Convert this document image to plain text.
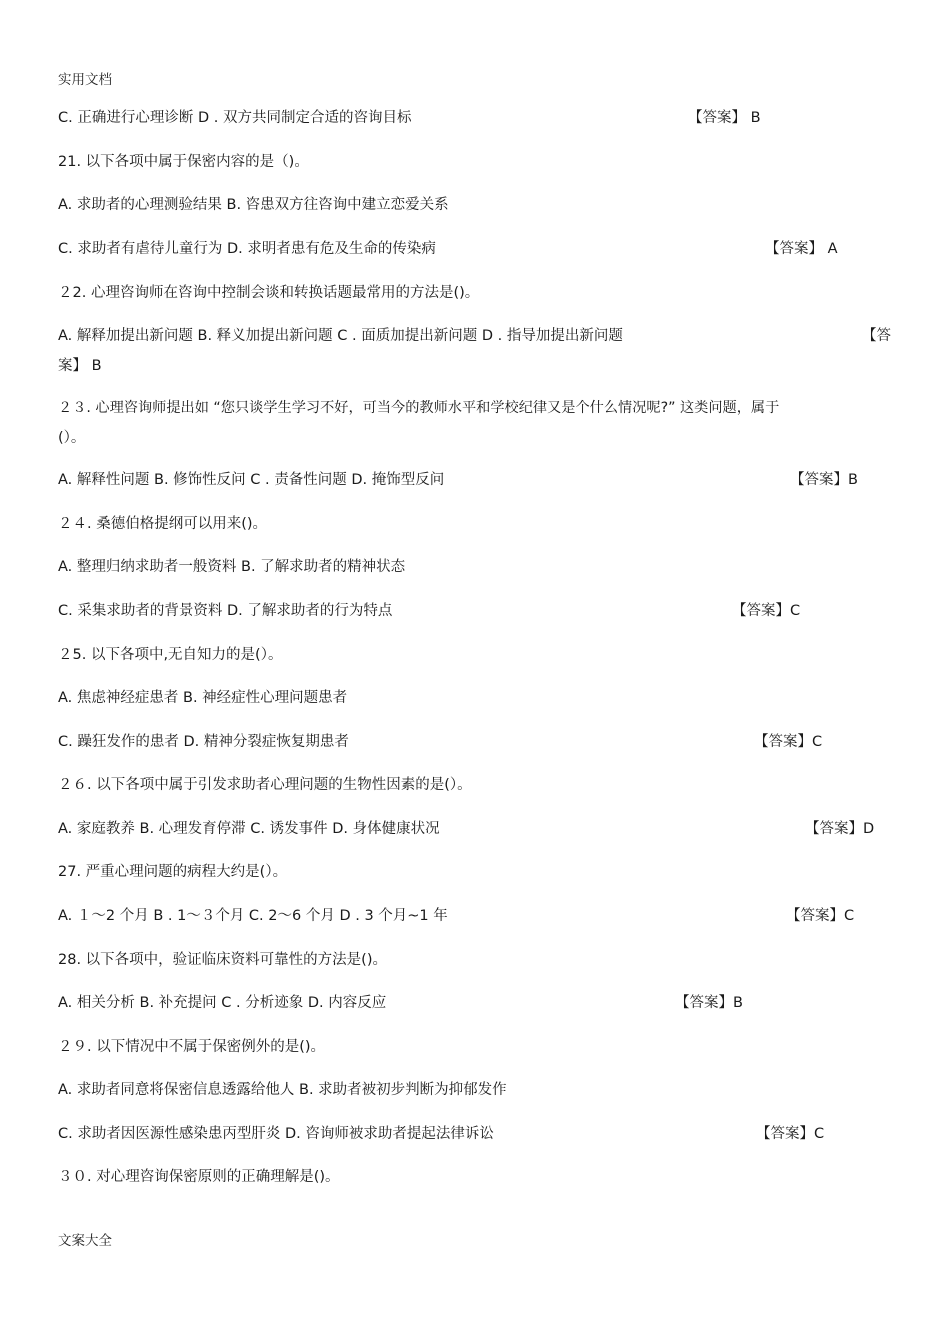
实用文档
C. 正确进行心理诊断 D . 双方共同制定合适的咨询目标	【答案】 B
21. 以下各项中属于保密内容的是（)。
A. 求助者的心理测验结果 B. 咨患双方往咨询中建立恋爱关系
C. 求助者有虐待儿童行为 D. 求明者患有危及生命的传染病	【答案】 A
２2. 心理咨询师在咨询中控制会谈和转换话题最常用的方法是()。
A. 解释加提出新问题 B. 释义加提出新问题 C . 面质加提出新问题 D . 指导加提出新问题	【答
案】 B
２３. 心理咨询师提出如 “您只谈学生学习不好，可当今的教师水平和学校纪律又是个什么情况呢?” 这类问题，属于
(）。
A. 解释性问题 B. 修饰性反问 C . 责备性问题 D. 掩饰型反问	【答案】B
２４. 桑德伯格提纲可以用来()。
A. 整理归纳求助者一般资料 B. 了解求助者的精神状态
C. 采集求助者的背景资料 D. 了解求助者的行为特点	【答案】C
２5. 以下各项中,无自知力的是(）。
A. 焦虑神经症患者 B. 神经症性心理问题患者
C. 躁狂发作的患者 D. 精神分裂症恢复期患者	【答案】C
２６. 以下各项中属于引发求助者心理问题的生物性因素的是(）。
A. 家庭教养 B. 心理发育停滞 C. 诱发事件 D. 身体健康状况	【答案】D
27. 严重心理问题的病程大约是(）。
A. １～2 个月 B . 1～３个月 C. 2～6 个月 D . 3 个月~1 年	【答案】C
28. 以下各项中，验证临床资料可靠性的方法是()。
A. 相关分析 B. 补充提问 C . 分析迹象 D. 内容反应	【答案】B
２９. 以下情况中不属于保密例外的是()。
A. 求助者同意将保密信息透露给他人 B. 求助者被初步判断为抑郁发作
C. 求助者因医源性感染患丙型肝炎 D. 咨询师被求助者提起法律诉讼	【答案】C
３０. 对心理咨询保密原则的正确理解是()。
文案大全
